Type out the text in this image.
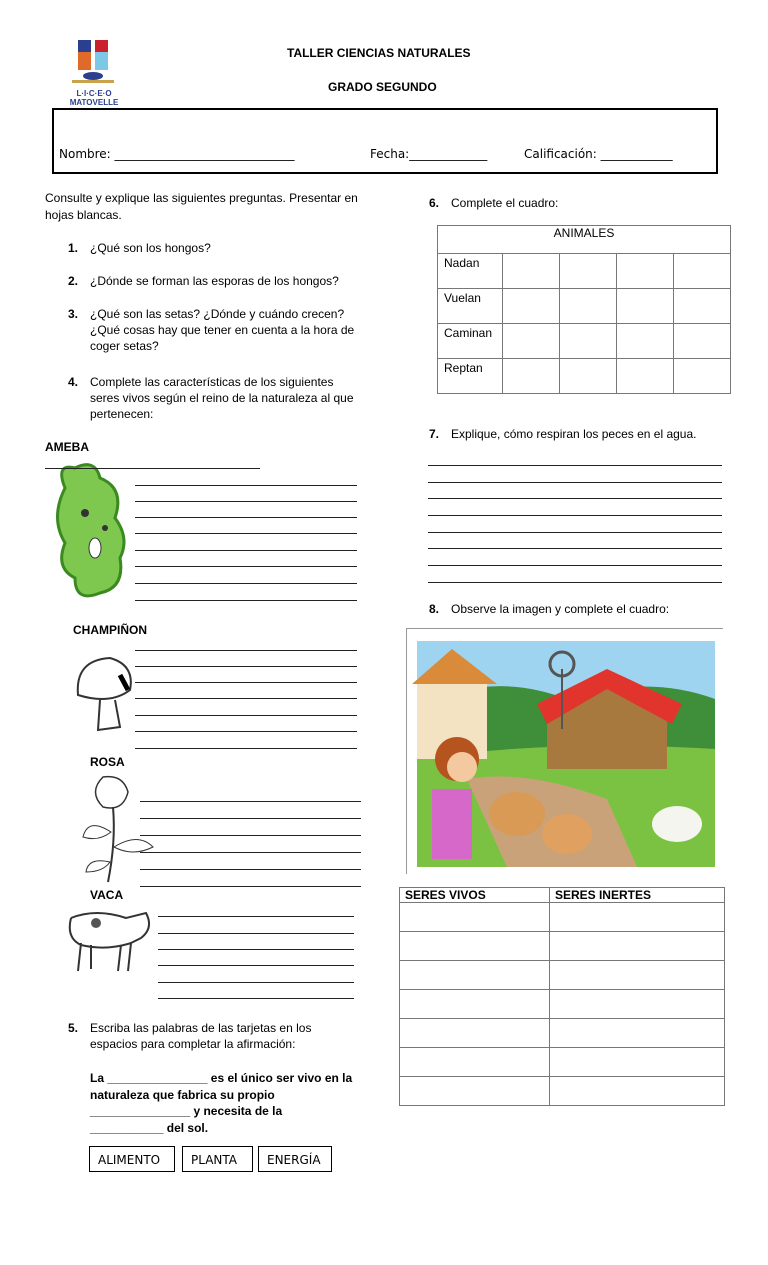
L·I·C·E·O MATOVELLE
TALLER CIENCIAS NATURALES
GRADO SEGUNDO
Nombre: ______________________________	Fecha:_____________	Calificación: ____________
Consulte y explique las siguientes preguntas. Presentar en hojas blancas.
1. ¿Qué son los hongos?
2. ¿Dónde se forman las esporas de los hongos?
3. ¿Qué son las setas? ¿Dónde y cuándo crecen?¿Qué cosas hay que tener en cuenta a la hora de coger setas?
4. Complete las características de los siguientes seres vivos según el reino de la naturaleza al que pertenecen:
AMEBA
CHAMPIÑON
ROSA
VACA
5. Escriba las palabras de las tarjetas en los espacios para completar la afirmación:
La _______________ es el único ser vivo en la naturaleza que fabrica su propio _______________ y necesita de la ___________ del sol.
ALIMENTO	PLANTA	ENERGÍA
6. Complete el cuadro:
ANIMALES				
Nadan				
Vuelan				
Caminan				
Reptan				
7. Explique, cómo respiran los peces en el agua.
8. Observe la imagen y complete el cuadro:
SERES VIVOS	SERES INERTES
